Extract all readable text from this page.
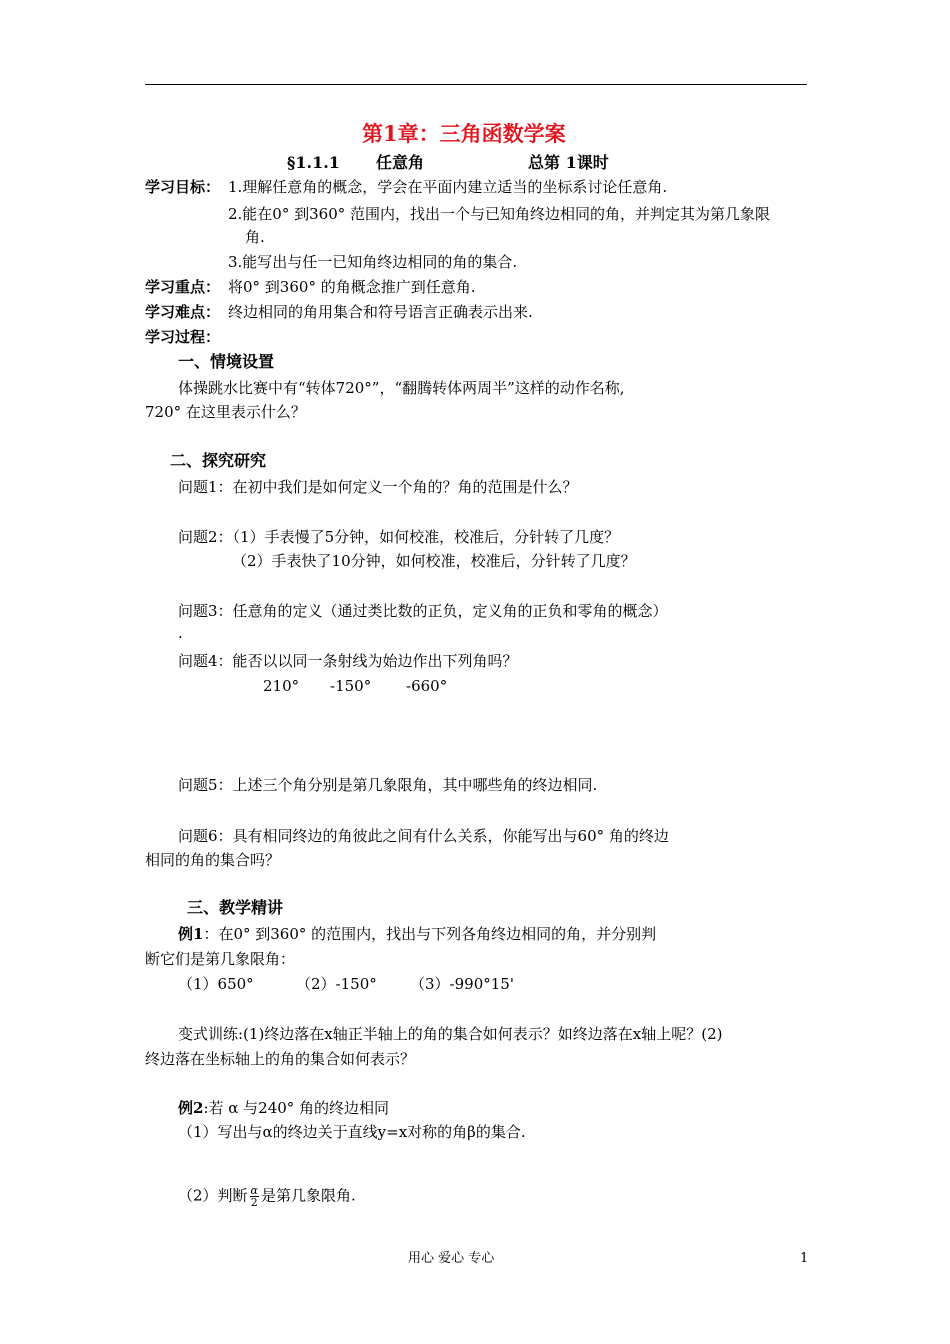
第1章：三角函数学案
§1.1.1 任意角	总第 1课时
学习目标： 1.理解任意角的概念，学会在平面内建立适当的坐标系讨论任意角.
2.能在0° 到360° 范围内，找出一个与已知角终边相同的角，并判定其为第几象限
角.
3.能写出与任一已知角终边相同的角的集合.
学习重点： 将0° 到360° 的角概念推广到任意角.
学习难点： 终边相同的角用集合和符号语言正确表示出来.
学习过程：
一、情境设置
体操跳水比赛中有“转体720°”，“翻腾转体两周半”这样的动作名称,
720° 在这里表示什么？
二、探究研究
问题1：在初中我们是如何定义一个角的？角的范围是什么？
问题2：（1）手表慢了5分钟，如何校准，校准后，分针转了几度？
（2）手表快了10分钟，如何校准，校准后，分针转了几度？
问题3：任意角的定义（通过类比数的正负，定义角的正负和零角的概念）
.
问题4：能否以以同一条射线为始边作出下列角吗？
210° -150° -660°
问题5：上述三个角分别是第几象限角，其中哪些角的终边相同.
问题6：具有相同终边的角彼此之间有什么关系，你能写出与60° 角的终边
相同的角的集合吗？
三、教学精讲
例1：在0° 到360° 的范围内，找出与下列各角终边相同的角，并分别判
断它们是第几象限角：
（1）650°	（2）-150° （3）-990°15'
变式训练:(1)终边落在x轴正半轴上的角的集合如何表示？如终边落在x轴上呢？(2)
终边落在坐标轴上的角的集合如何表示？
例2:若 α 与240° 角的终边相同
（1）写出与α的终边关于直线y=x对称的角β的集合.
（2）判断 $\frac{\alpha}{2}$ 是第几象限角.
用心 爱心 专心	1
